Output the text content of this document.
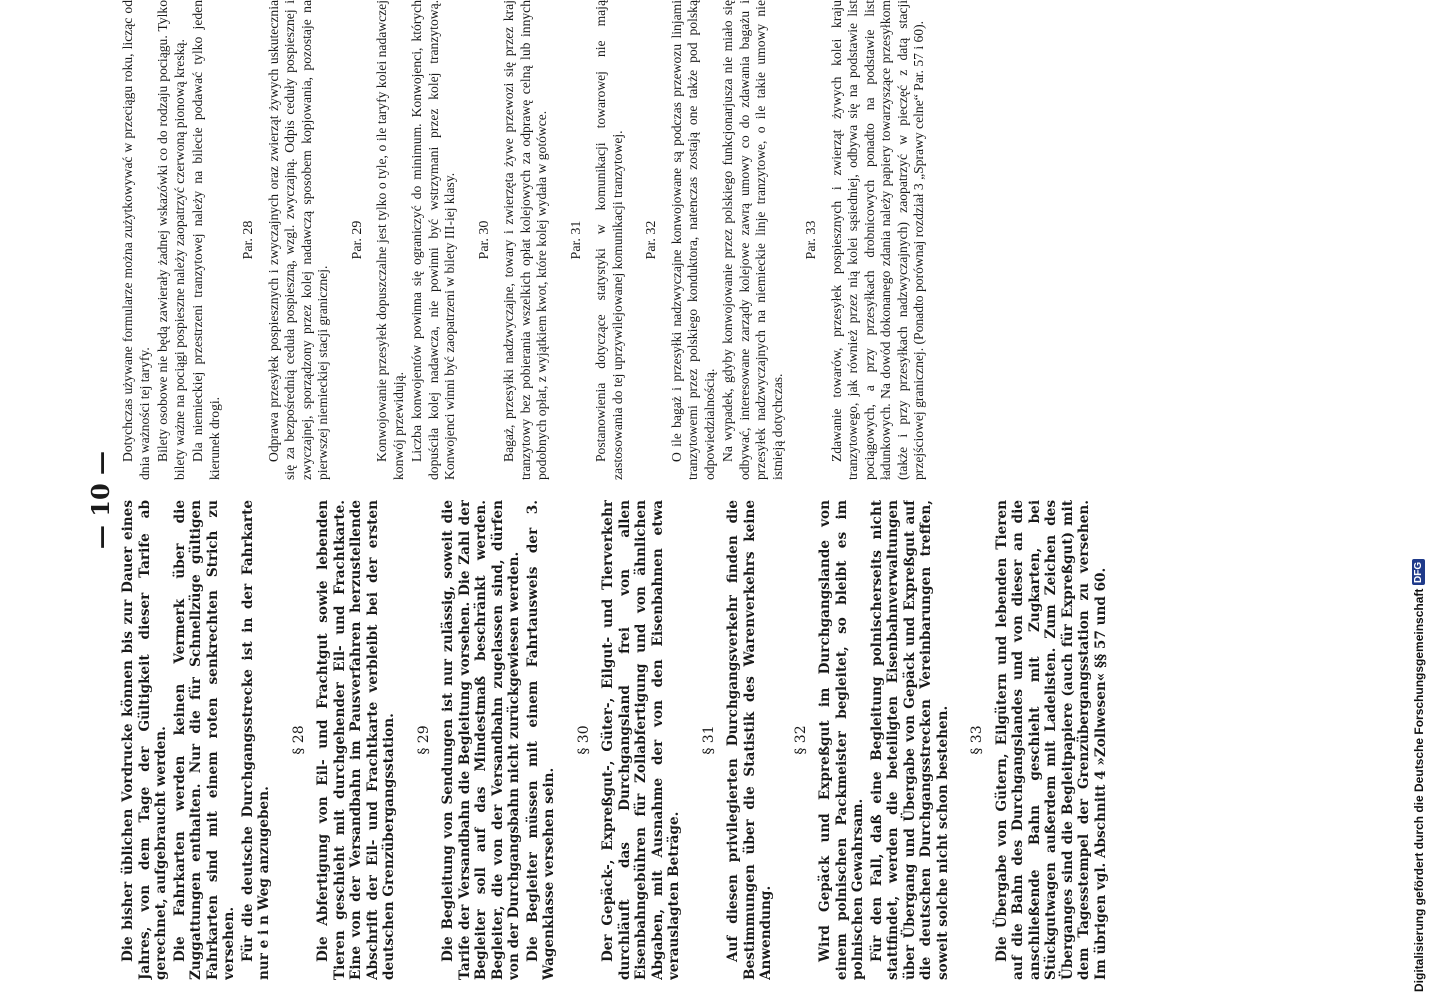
— 10 — Die bisher üblichen Vordrucke können bis zur Dauer eines Jahres, von dem Tage der Gültigkeit dieser Tarife ab gerechnet, aufgebraucht werden. Die Fahrkarten werden keinen Vermerk über die Zuggattungen enthalten. Nur die für Schnellzüge gültigen Fahrkarten sind mit einem roten senkrechten Strich zu versehen. Für die deutsche Durchgangsstrecke ist in der Fahrkarte nur e i n Weg anzugeben.

§ 28 Die Abfertigung von Eil- und Frachtgut sowie lebenden Tieren geschieht mit durchgehender Eil- und Frachtkarte. Eine von der Versandbahn im Pausverfahren herzustellende Abschrift der Eil- und Frachtkarte verbleibt bei der ersten deutschen Grenzübergangsstation. § 29 Die Begleitung von Sendungen ist nur zulässig, soweit die Tarife der Versandbahn die Begleitung vorsehen. Die Zahl der Begleiter soll auf das Mindestmaß beschränkt werden. Begleiter, die von der Versandbahn zugelassen sind, dürfen von der Durchgangsbahn nicht zurückgewiesen werden. Die Begleiter müssen mit einem Fahrtausweis der 3. Wagenklasse versehen sein.

§ 30 Der Gepäck-, Expreßgut-, Güter-, Eilgut- und Tierverkehr durchläuft das Durchgangsland frei von allen Eisenbahngebühren für Zollabfertigung und von ähnlichen Abgaben, mit Ausnahme der von den Eisenbahnen etwa verauslagten Beträge.

§ 31 Auf diesen privilegierten Durchgangsverkehr finden die Bestimmungen über die Statistik des Warenverkehrs keine Anwendung.

§ 32 Wird Gepäck und Expreßgut im Durchgangslande von einem polnischen Packmeister begleitet, so bleibt es im polnischen Gewahrsam. Für den Fall, daß eine Begleitung polnischerseits nicht stattfindet, werden die beteiligten Eisenbahnverwaltungen über Übergang und Übergabe von Gepäck und Expreßgut auf die deutschen Durchgangsstrecken Vereinbarungen treffen, soweit solche nicht schon bestehen. § 33 Die Übergabe von Gütern, Eilgütern und lebenden Tieren auf die Bahn des Durchgangslandes und von dieser an die anschließende Bahn geschieht mit Zugkarten, bei Stückgutwagen außerdem mit Ladelisten. Zum Zeichen des Überganges sind die Begleitpapiere (auch für Expreßgut) mit dem Tagesstempel der Grenzübergangsstation zu versehen. Im übrigen vgl. Abschnitt 4 »Zollwesen« §§ 57 und 60.

Dotychczas używane formularze można zużytkowywać w przeciągu roku, licząc od dnia ważności tej taryfy. Bilety osobowe nie będą zawierały żadnej wskazówki co do rodzaju pociągu. Tylko bilety ważne na pociągi pospieszne należy zaopatrzyć czerwoną pionową kreską. Dla niemieckiej przestrzeni tranzytowej należy na bilecie podawać tylko jeden kierunek drogi.

Par. 28 Odprawa przesyłek pospiesznych i zwyczajnych oraz zwierząt żywych uskutecznia się za bezpośrednią ceduła pospieszną, wzgl. zwyczajną. Odpis ceduły pospiesznej i zwyczajnej, sporządzony przez kolej nadawczą sposobem kopjowania, pozostaje na pierwszej niemieckiej stacji granicznej.

Par. 29 Konwojowanie przesyłek dopuszczalne jest tylko o tyle, o ile taryfy kolei nadawczej konwój przewidują. Liczba konwojentów powinna się ograniczyć do minimum. Konwojenci, których dopuściła kolej nadawcza, nie powinni być wstrzymani przez kolej tranzytową. Konwojenci winni być zaopatrzeni w bilety III-iej klasy. Par. 30 Bagaż, przesyłki nadzwyczajne, towary i zwierzęta żywe przewozi się przez kraj tranzytowy bez pobierania wszelkich opłat kolejowych za odprawę celną lub innych podobnych opłat, z wyjątkiem kwot, które kolej wydała w gotówce. Par. 31 Postanowienia dotyczące statystyki w komunikacji towarowej nie mają zastosowania do tej uprzywilejowanej komunikacji tranzytowej. Par. 32 O ile bagaż i przesyłki nadzwyczajne konwojowane są podczas przewozu linjami tranzytowemi przez polskiego konduktora, natenczas zostają one także pod polską odpowiedzialnością. Na wypadek, gdyby konwojowanie przez polskiego funkcjonarjusza nie miało się odbywać, interesowane zarządy kolejowe zawrą umowy co do zdawania bagażu i przesyłek nadzwyczajnych na niemieckie linje tranzytowe, o ile takie umowy nie istnieją dotychczas.

Par. 33 Zdawanie towarów, przesyłek pospiesznych i zwierząt żywych kolei kraju tranzytowego, jak również przez nią kolei sąsiedniej, odbywa się na podstawie list pociągowych, a przy przesyłkach drobnicowych ponadto na podstawie list ładunkowych. Na dowód dokonanego zdania należy papiery towarzyszące przesyłkom (także i przy przesyłkach nadzwyczajnych) zaopatrzyć w pieczęć z datą stacji przejściowej granicznej. (Ponadto porównaj rozdział 3 „Sprawy celne“ Par. 57 i 60).

Digitalisierung gefördert durch die Deutsche Forschungsgemeinschaft
DFG
